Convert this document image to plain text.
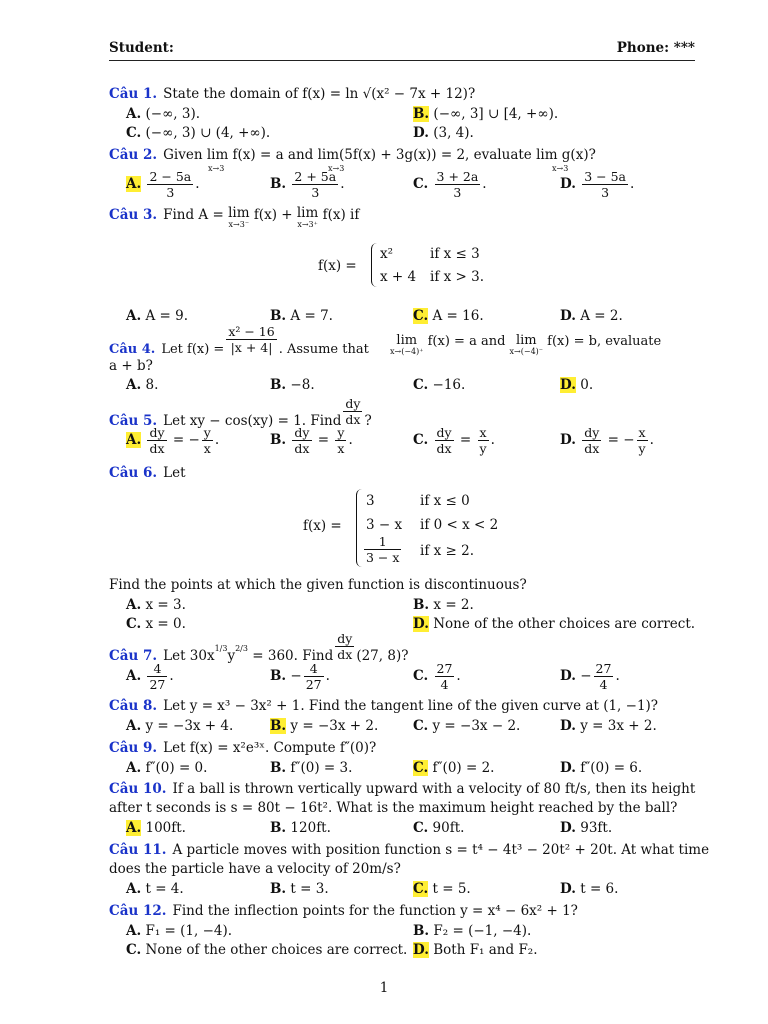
Student:	Phone: ***
Câu 1. State the domain of f(x) = ln √(x² − 7x + 12)?
A. (−∞, 3).	B. (−∞, 3] ∪ [4, +∞).
C. (−∞, 3) ∪ (4, +∞).	D. (3, 4).
Câu 2. Given lim f(x) = a and lim(5f(x) + 3g(x)) = 2, evaluate lim g(x)?
x→3	x→3	x→3
A. $\frac{2 - 5a}{3}$ .	B. $\frac{2 + 5a}{3}$ .	C. $\frac{3 + 2a}{3}$ .	D. $\frac{3 - 5a}{3}$ .
Câu 3. Find A = lim
x→3⁻
f(x) + lim
x→3⁺
f(x) if
f(x) =
x²	if x ≤ 3
x + 4 if x > 3.
A. A = 9.	B. A = 7.	C. A = 16.	D. A = 2.
Câu 4. Let $f(x) = \frac{\text{x² − 16}}{|x + 4|}$ . Assume that
lim
x→(−4)⁺
f(x) = a and lim
x→(−4)⁻
f(x) = b, evaluate
a + b?
A. 8.	B. −8.	C. −16.	D. 0.
Câu 5. Let xy − cos(xy) = 1. Find $\frac{dy}{dx}$ ?
A. $\frac{dy}{dx}$ = − $\frac{y}{x}$ .	B. $\frac{dy}{dx} = \frac{y}{x}$ .	C. $\frac{dy}{dx} = \frac{x}{y}$ .	D. $\frac{dy}{dx}$ = − $\frac{x}{y}$ .
Câu 6. Let
f(x) =
3	if x ≤ 0
3 − x if 0 < x < 2
$\frac{1}{3 - x}$ if x ≥ 2.
Find the points at which the given function is discontinuous?
A. x = 3.	B. x = 2.
C. x = 0.	D. None of the other choices are correct.
Câu 7. Let $30x^{1/3}y^{2/3} = 360$. Find $\frac{dy}{dx} (27$, 8)?
A. $\frac{4}{27}$ .	B. − $\frac{4}{27}$ .	C. $\frac{27}{4}$ .	D. − $\frac{27}{4}$ .
Câu 8. Let y = x³ − 3x² + 1. Find the tangent line of the given curve at (1, −1)?
A. y = −3x + 4.	B. y = −3x + 2.	C. y = −3x − 2.	D. y = 3x + 2.
Câu 9. Let f(x) = x²e³ˣ. Compute f″(0)?
A. f″(0) = 0.	B. f″(0) = 3.	C. f″(0) = 2.	D. f″(0) = 6.
Câu 10. If a ball is thrown vertically upward with a velocity of 80 ft/s, then its height
after t seconds is s = 80t − 16t². What is the maximum height reached by the ball?
A. 100ft.	B. 120ft.	C. 90ft.	D. 93ft.
Câu 11. A particle moves with position function s = t⁴ − 4t³ − 20t² + 20t. At what time
does the particle have a velocity of 20m/s?
A. t = 4.	B. t = 3.	C. t = 5.	D. t = 6.
Câu 12. Find the inflection points for the function y = x⁴ − 6x² + 1?
A. F₁ = (1, −4).	B. F₂ = (−1, −4).
C. None of the other choices are correct. D. Both F₁ and F₂.
1
